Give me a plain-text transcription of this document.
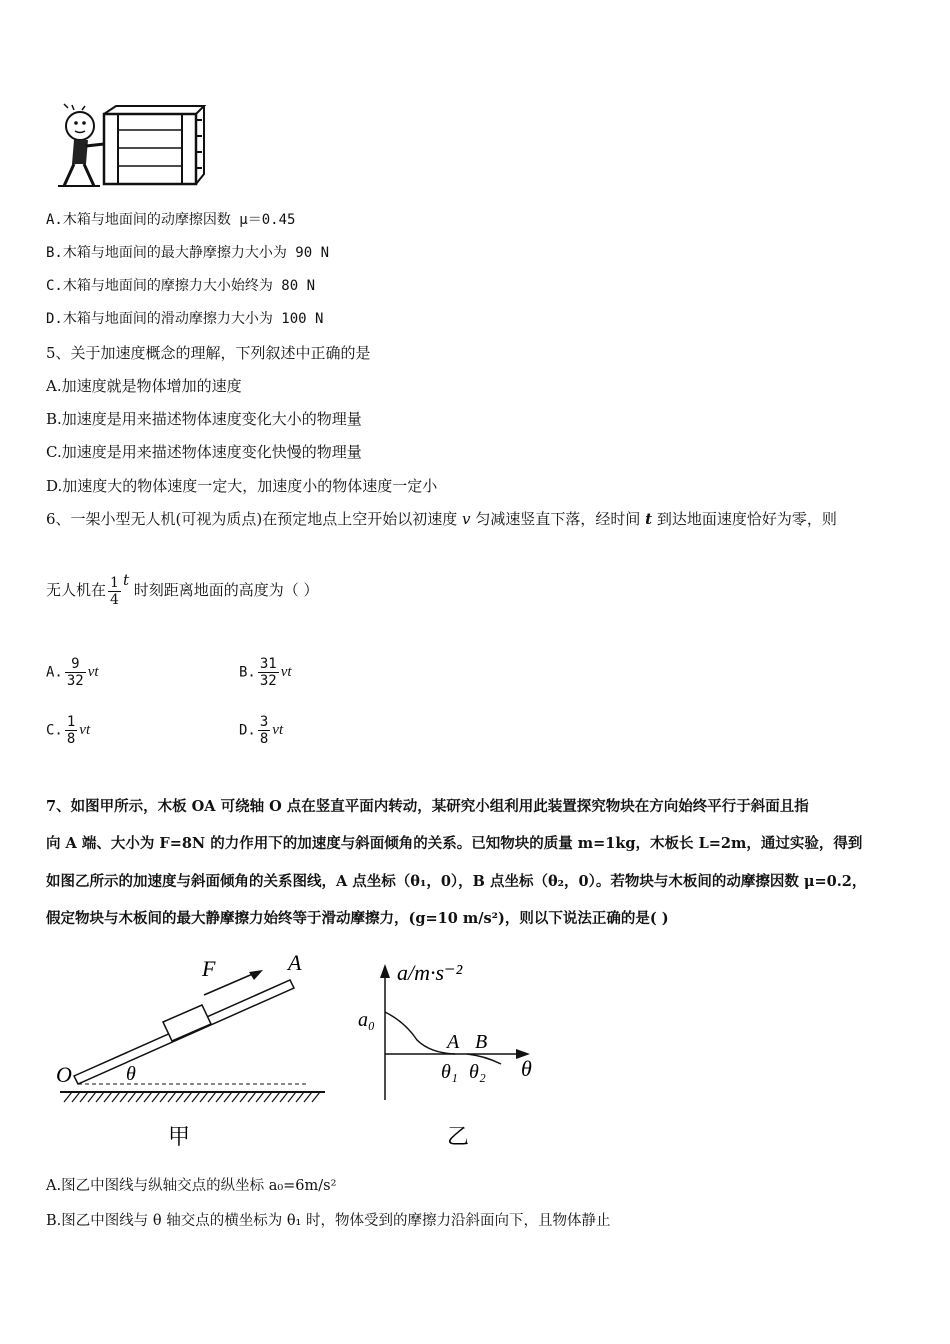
A.木箱与地面间的动摩擦因数 μ＝0.45
B.木箱与地面间的最大静摩擦力大小为 90 N
C.木箱与地面间的摩擦力大小始终为 80 N
D.木箱与地面间的滑动摩擦力大小为 100 N
5、关于加速度概念的理解，下列叙述中正确的是
A.加速度就是物体增加的速度
B.加速度是用来描述物体速度变化大小的物理量
C.加速度是用来描述物体速度变化快慢的物理量
D.加速度大的物体速度一定大，加速度小的物体速度一定小
6、一架小型无人机(可视为质点)在预定地点上空开始以初速度 v 匀减速竖直下落，经时间 t 到达地面速度恰好为零，则
无人机在 $\frac{1}{4}$ t 时刻距离地面的高度为（ ）
A. $\frac{9}{32}$ vt	B. $\frac{31}{32}$ vt
C. $\frac{1}{8}$ vt	D. $\frac{3}{8}$ vt
7、如图甲所示，木板 OA 可绕轴 O 点在竖直平面内转动，某研究小组利用此装置探究物块在方向始终平行于斜面且指
向 A 端、大小为 F=8N 的力作用下的加速度与斜面倾角的关系。已知物块的质量 m=1kg，木板长 L=2m，通过实验，得到
如图乙所示的加速度与斜面倾角的关系图线，A 点坐标（θ₁，0），B 点坐标（θ₂，0）。若物块与木板间的动摩擦因数 μ=0.2，
假定物块与木板间的最大静摩擦力始终等于滑动摩擦力，(g=10 m/s²)，则以下说法正确的是( )
F	A
O	θ
甲
a/m·s⁻²
a₀
A B
θ₁ θ₂ θ
乙
A.图乙中图线与纵轴交点的纵坐标 a₀=6m/s²
B.图乙中图线与 θ 轴交点的横坐标为 θ₁ 时，物体受到的摩擦力沿斜面向下，且物体静止
